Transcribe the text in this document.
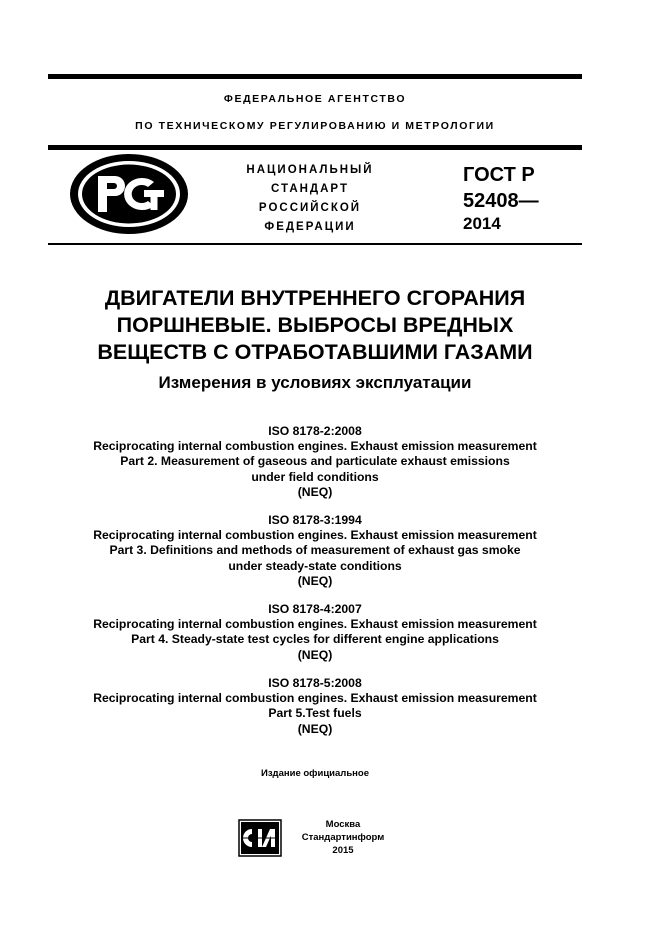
ФЕДЕРАЛЬНОЕ АГЕНТСТВО
ПО ТЕХНИЧЕСКОМУ РЕГУЛИРОВАНИЮ И МЕТРОЛОГИИ
НАЦИОНАЛЬНЫЙ
СТАНДАРТ
РОССИЙСКОЙ
ФЕДЕРАЦИИ
ГОСТ Р
52408—
2014
ДВИГАТЕЛИ ВНУТРЕННЕГО СГОРАНИЯ
ПОРШНЕВЫЕ. ВЫБРОСЫ ВРЕДНЫХ
ВЕЩЕСТВ С ОТРАБОТАВШИМИ ГАЗАМИ
Измерения в условиях эксплуатации
ISO 8178-2:2008
Reciprocating internal combustion engines. Exhaust emission measurement
Part 2. Measurement of gaseous and particulate exhaust emissions
under field conditions
(NEQ)
ISO 8178-3:1994
Reciprocating internal combustion engines. Exhaust emission measurement
Part 3. Definitions and methods of measurement of exhaust gas smoke
under steady-state conditions
(NEQ)
ISO 8178-4:2007
Reciprocating internal combustion engines. Exhaust emission measurement
Part 4. Steady-state test cycles for different engine applications
(NEQ)
ISO 8178-5:2008
Reciprocating internal combustion engines. Exhaust emission measurement
Part 5.Test fuels
(NEQ)
Издание официальное
Москва
Стандартинформ
2015
